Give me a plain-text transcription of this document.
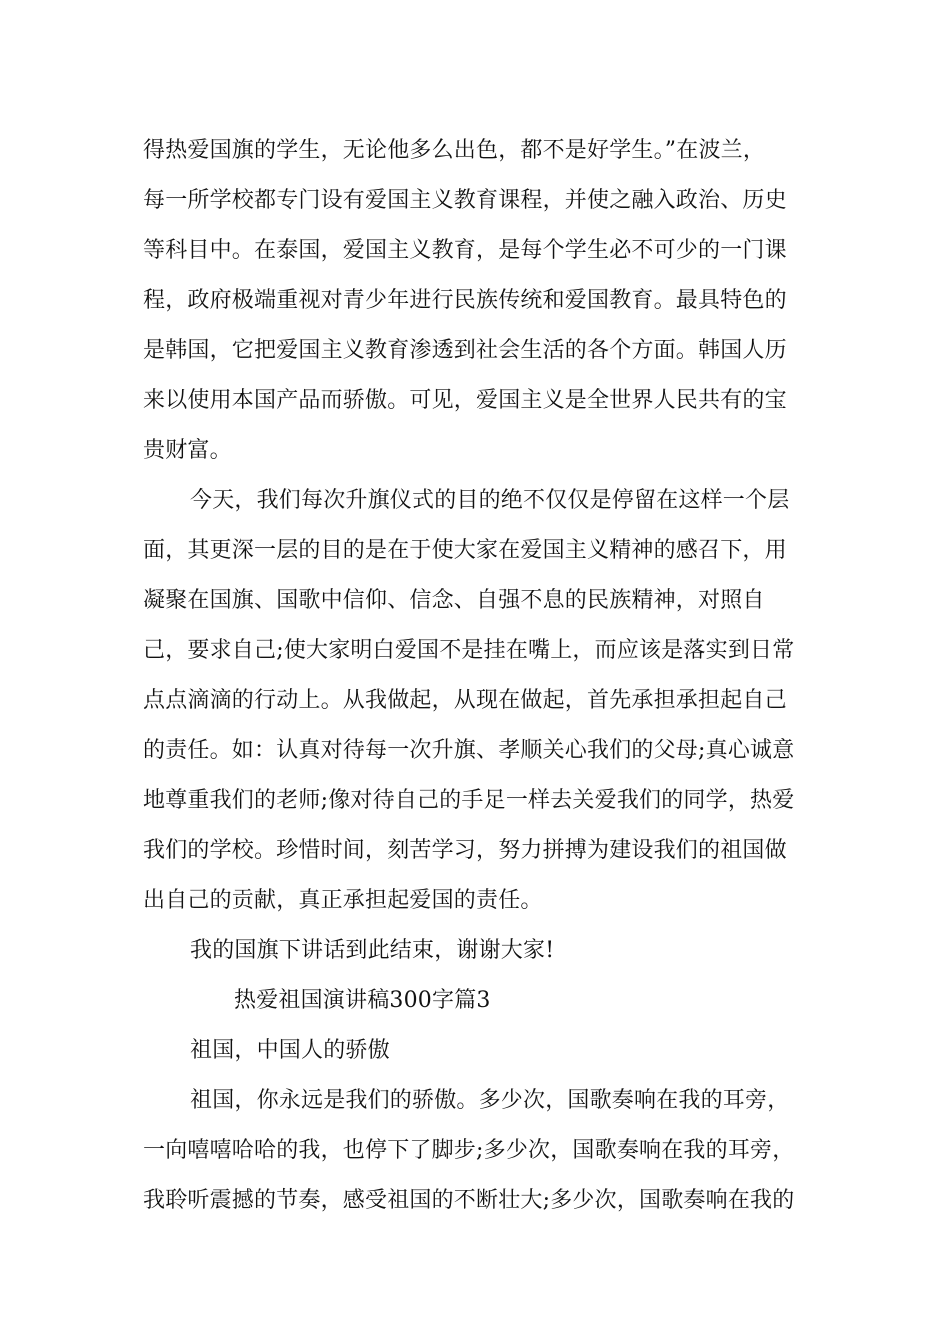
得热爱国旗的学生，无论他多么出色，都不是好学生。”在波兰，
每一所学校都专门设有爱国主义教育课程，并使之融入政治、历史
等科目中。在泰国，爱国主义教育，是每个学生必不可少的一门课
程，政府极端重视对青少年进行民族传统和爱国教育。最具特色的
是韩国，它把爱国主义教育渗透到社会生活的各个方面。韩国人历
来以使用本国产品而骄傲。可见，爱国主义是全世界人民共有的宝
贵财富。
今天，我们每次升旗仪式的目的绝不仅仅是停留在这样一个层
面，其更深一层的目的是在于使大家在爱国主义精神的感召下，用
凝聚在国旗、国歌中信仰、信念、自强不息的民族精神，对照自
己，要求自己;使大家明白爱国不是挂在嘴上，而应该是落实到日常
点点滴滴的行动上。从我做起，从现在做起，首先承担承担起自己
的责任。如：认真对待每一次升旗、孝顺关心我们的父母;真心诚意
地尊重我们的老师;像对待自己的手足一样去关爱我们的同学，热爱
我们的学校。珍惜时间，刻苦学习，努力拼搏为建设我们的祖国做
出自己的贡献，真正承担起爱国的责任。
我的国旗下讲话到此结束，谢谢大家!
热爱祖国演讲稿300字篇3
祖国，中国人的骄傲
祖国，你永远是我们的骄傲。多少次，国歌奏响在我的耳旁，
一向嘻嘻哈哈的我，也停下了脚步;多少次，国歌奏响在我的耳旁，
我聆听震撼的节奏，感受祖国的不断壮大;多少次，国歌奏响在我的
